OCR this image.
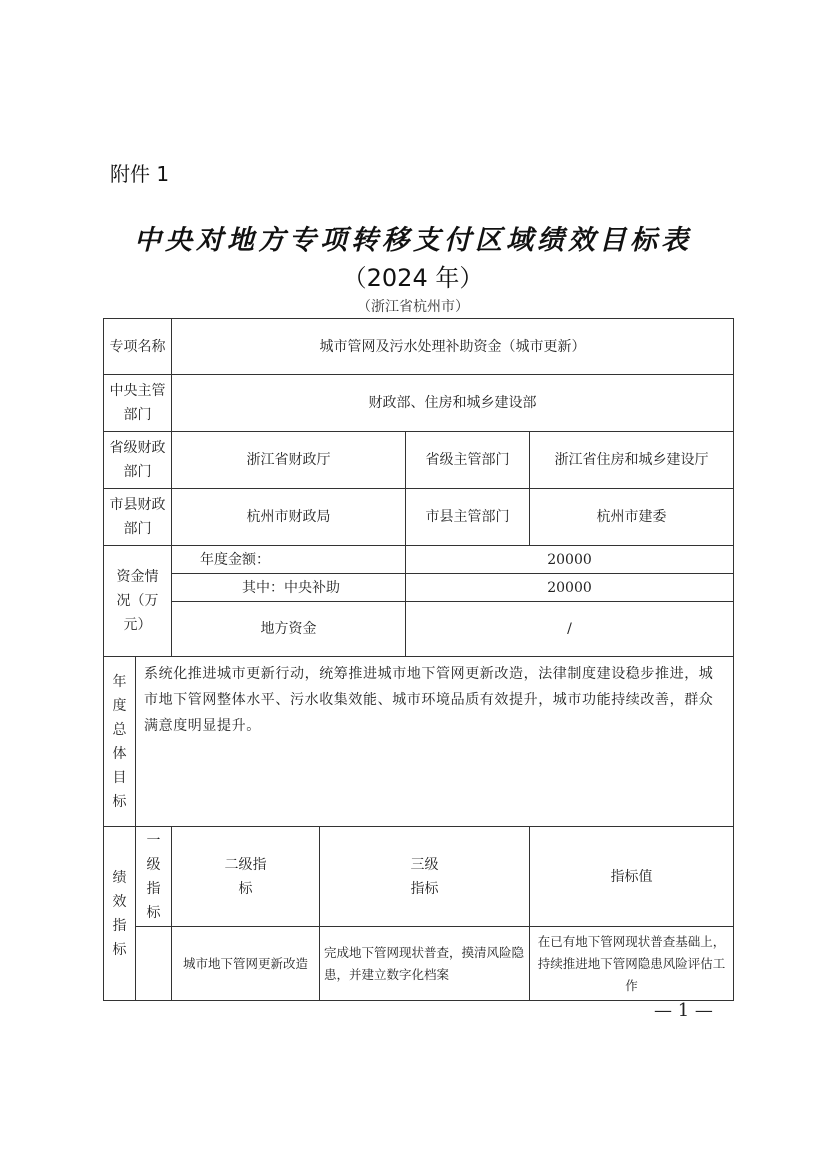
附件 1
中央对地方专项转移支付区域绩效目标表
（2024 年）
（浙江省杭州市）
专项名称		城市管网及污水处理补助资金（城市更新）			
中央主管部门		财政部、住房和城乡建设部			
省级财政部门		浙江省财政厅		省级主管部门	浙江省住房和城乡建设厅
市县财政部门		杭州市财政局		市县主管部门	杭州市建委
资金情况（万元）		年度金额：		20000	
		其中：中央补助		20000	
		地方资金		/	
年度总体目标	系统化推进城市更新行动，统筹推进城市地下管网更新改造，法律制度建设稳步推进，城市地下管网整体水平、污水收集效能、城市环境品质有效提升，城市功能持续改善，群众满意度明显提升。				
绩效指标	一级指标	二级指标	三级指标		指标值
		城市地下管网更新改造	完成地下管网现状普查，摸清风险隐患，并建立数字化档案		在已有地下管网现状普查基础上，持续推进地下管网隐患风险评估工作
— 1 —
